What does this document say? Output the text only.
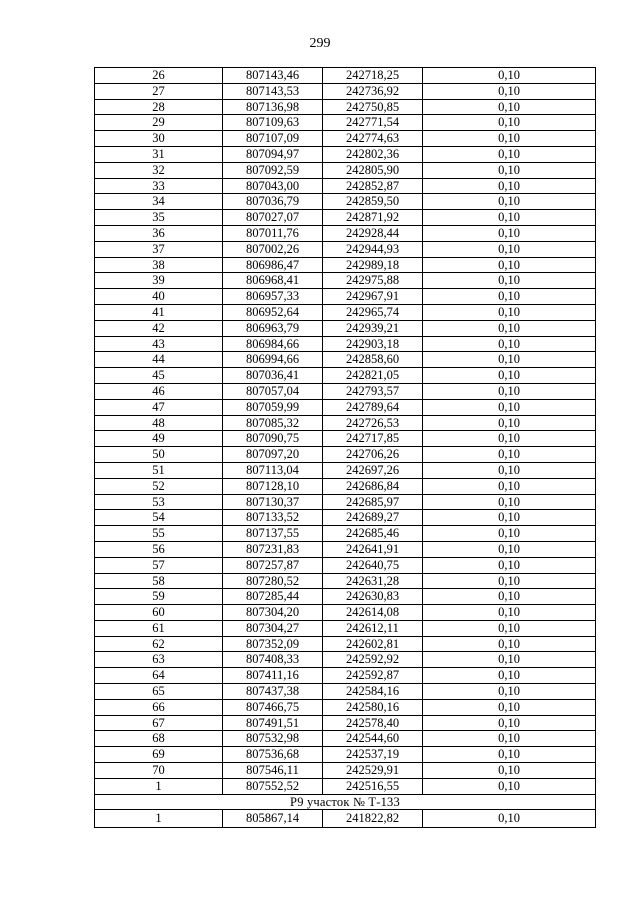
299
26	807143,46	242718,25	0,10
27	807143,53	242736,92	0,10
28	807136,98	242750,85	0,10
29	807109,63	242771,54	0,10
30	807107,09	242774,63	0,10
31	807094,97	242802,36	0,10
32	807092,59	242805,90	0,10
33	807043,00	242852,87	0,10
34	807036,79	242859,50	0,10
35	807027,07	242871,92	0,10
36	807011,76	242928,44	0,10
37	807002,26	242944,93	0,10
38	806986,47	242989,18	0,10
39	806968,41	242975,88	0,10
40	806957,33	242967,91	0,10
41	806952,64	242965,74	0,10
42	806963,79	242939,21	0,10
43	806984,66	242903,18	0,10
44	806994,66	242858,60	0,10
45	807036,41	242821,05	0,10
46	807057,04	242793,57	0,10
47	807059,99	242789,64	0,10
48	807085,32	242726,53	0,10
49	807090,75	242717,85	0,10
50	807097,20	242706,26	0,10
51	807113,04	242697,26	0,10
52	807128,10	242686,84	0,10
53	807130,37	242685,97	0,10
54	807133,52	242689,27	0,10
55	807137,55	242685,46	0,10
56	807231,83	242641,91	0,10
57	807257,87	242640,75	0,10
58	807280,52	242631,28	0,10
59	807285,44	242630,83	0,10
60	807304,20	242614,08	0,10
61	807304,27	242612,11	0,10
62	807352,09	242602,81	0,10
63	807408,33	242592,92	0,10
64	807411,16	242592,87	0,10
65	807437,38	242584,16	0,10
66	807466,75	242580,16	0,10
67	807491,51	242578,40	0,10
68	807532,98	242544,60	0,10
69	807536,68	242537,19	0,10
70	807546,11	242529,91	0,10
1	807552,52	242516,55	0,10
Р9 участок № Т-133			
1	805867,14	241822,82	0,10
